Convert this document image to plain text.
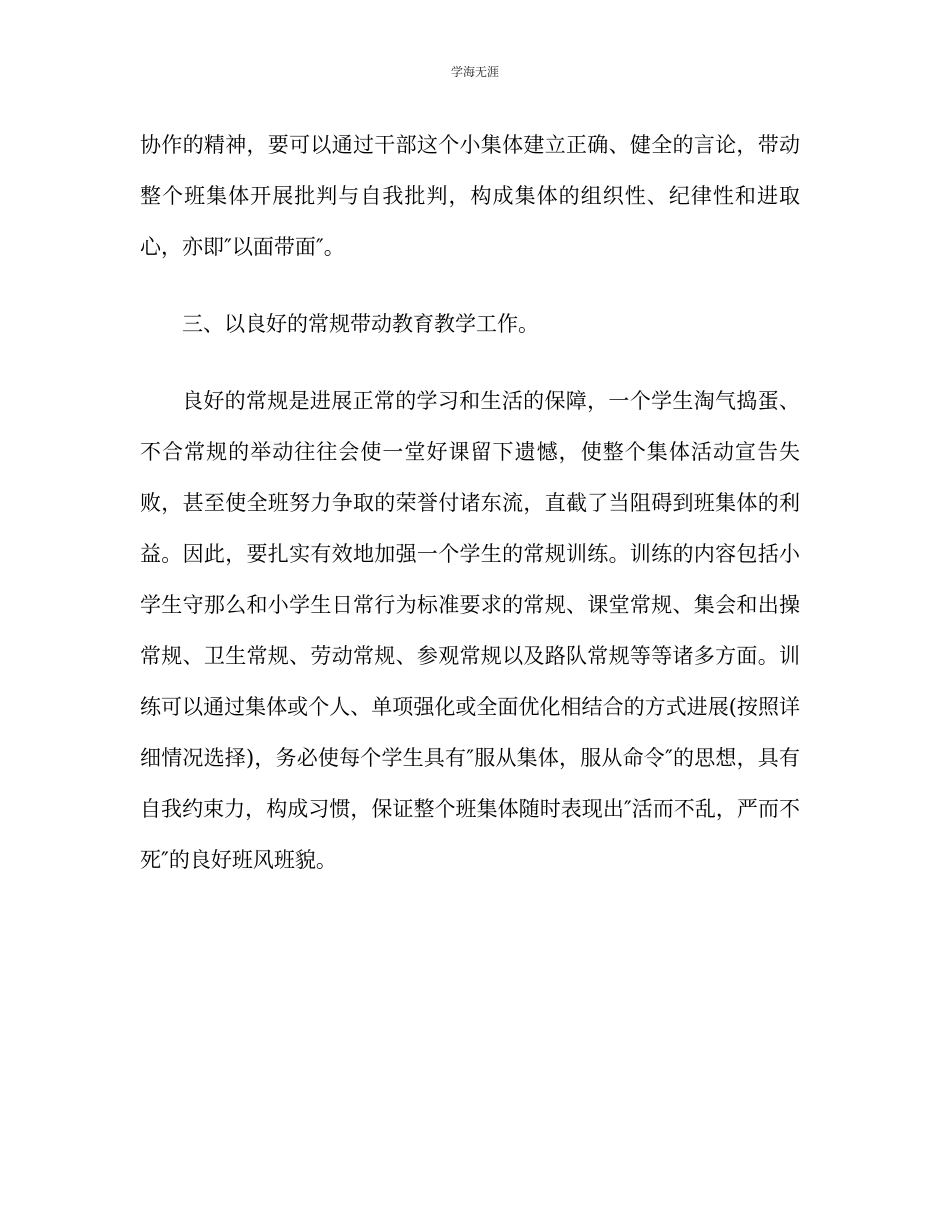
学海无涯

协作的精神，要可以通过干部这个小集体建立正确、健全的言论，带动整个班集体开展批判与自我批判，构成集体的组织性、纪律性和进取心，亦即″以面带面″。

三、以良好的常规带动教育教学工作。

良好的常规是进展正常的学习和生活的保障，一个学生淘气捣蛋、不合常规的举动往往会使一堂好课留下遗憾，使整个集体活动宣告失败，甚至使全班努力争取的荣誉付诸东流，直截了当阻碍到班集体的利益。因此，要扎实有效地加强一个学生的常规训练。训练的内容包括小学生守那么和小学生日常行为标准要求的常规、课堂常规、集会和出操常规、卫生常规、劳动常规、参观常规以及路队常规等等诸多方面。训练可以通过集体或个人、单项强化或全面优化相结合的方式进展(按照详细情况选择)，务必使每个学生具有″服从集体，服从命令″的思想，具有自我约束力，构成习惯，保证整个班集体随时表现出″活而不乱，严而不死″的良好班风班貌。
